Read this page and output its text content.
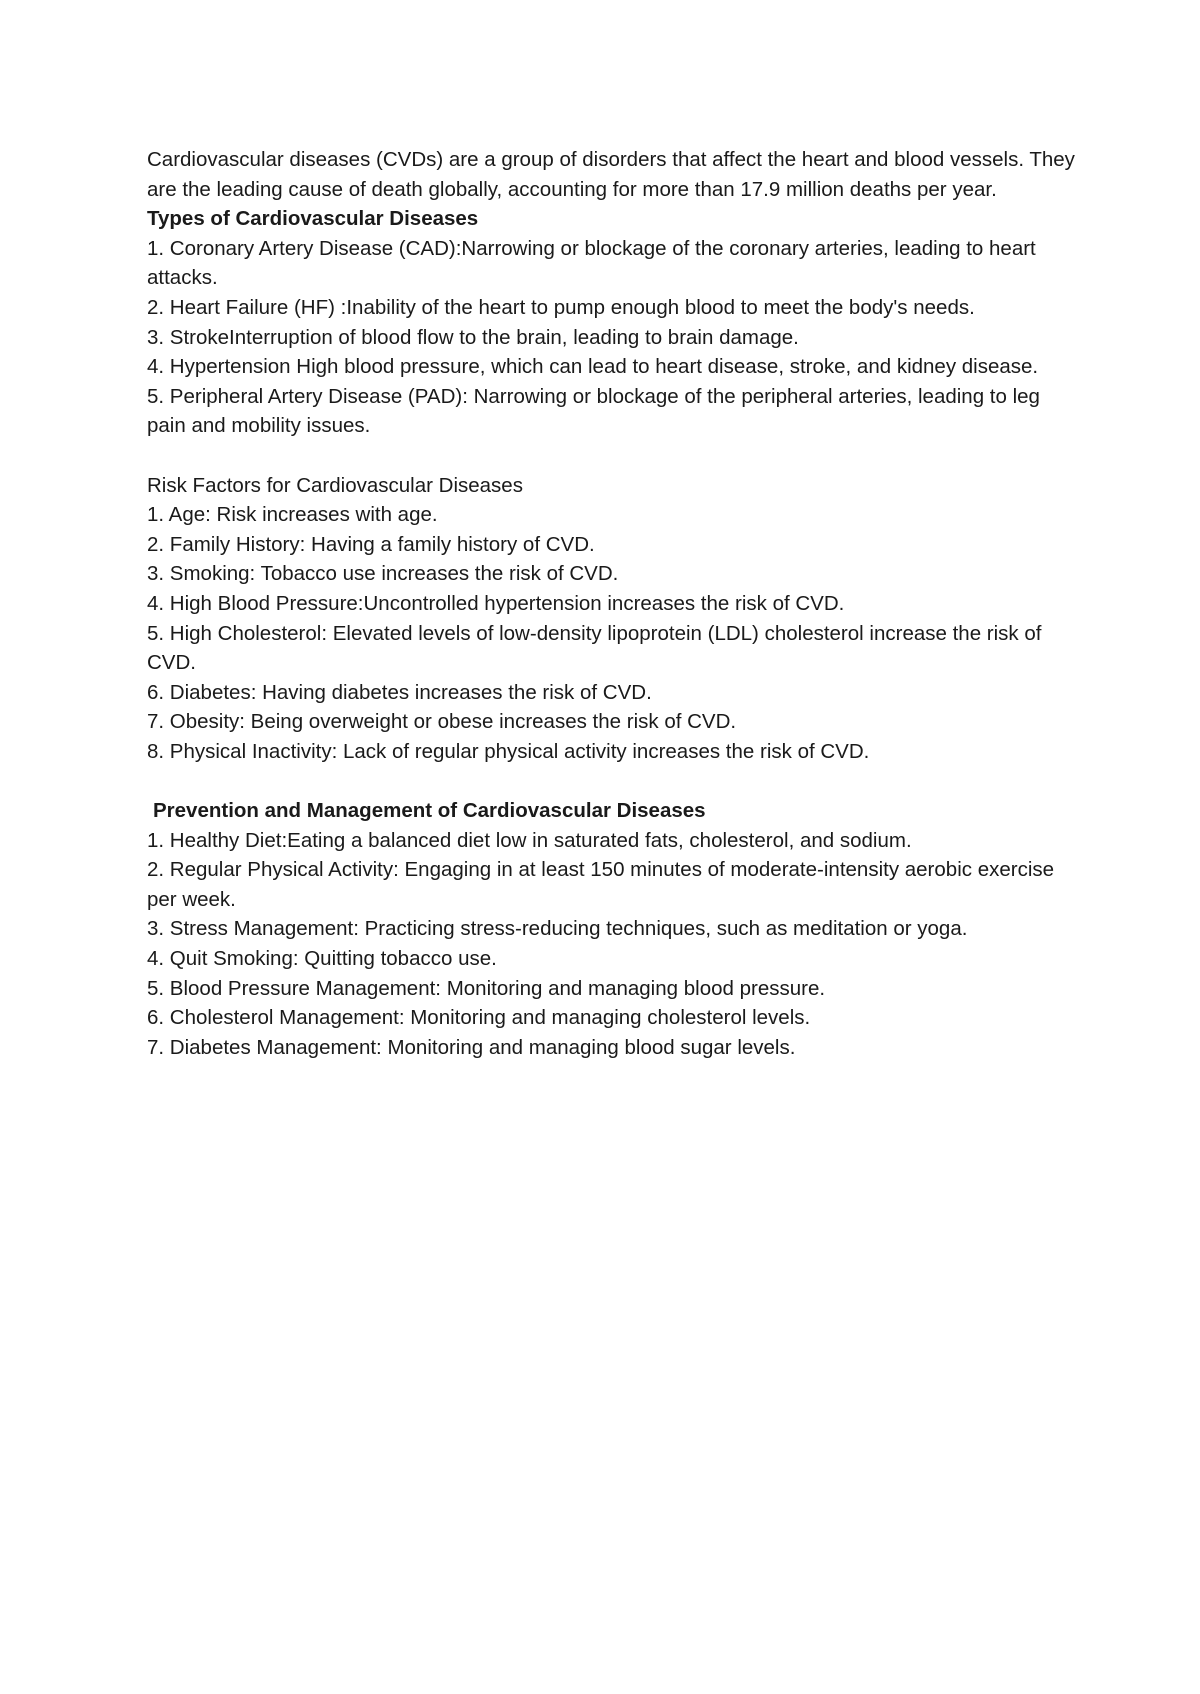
Cardiovascular diseases (CVDs) are a group of disorders that affect the heart and blood vessels. They are the leading cause of death globally, accounting for more than 17.9 million deaths per year.

Types of Cardiovascular Diseases

1. Coronary Artery Disease (CAD):Narrowing or blockage of the coronary arteries, leading to heart attacks.

2. Heart Failure (HF) :Inability of the heart to pump enough blood to meet the body's needs.

3. StrokeInterruption of blood flow to the brain, leading to brain damage.

4. Hypertension High blood pressure, which can lead to heart disease, stroke, and kidney disease.

5. Peripheral Artery Disease (PAD): Narrowing or blockage of the peripheral arteries, leading to leg pain and mobility issues.

Risk Factors for Cardiovascular Diseases

1. Age: Risk increases with age.

2. Family History: Having a family history of CVD.

3. Smoking: Tobacco use increases the risk of CVD.

4. High Blood Pressure:Uncontrolled hypertension increases the risk of CVD.

5. High Cholesterol: Elevated levels of low-density lipoprotein (LDL) cholesterol increase the risk of CVD.

6. Diabetes: Having diabetes increases the risk of CVD.

7. Obesity: Being overweight or obese increases the risk of CVD.

8. Physical Inactivity: Lack of regular physical activity increases the risk of CVD.

Prevention and Management of Cardiovascular Diseases

1. Healthy Diet:Eating a balanced diet low in saturated fats, cholesterol, and sodium.

2. Regular Physical Activity: Engaging in at least 150 minutes of moderate-intensity aerobic exercise per week.

3. Stress Management: Practicing stress-reducing techniques, such as meditation or yoga.

4. Quit Smoking: Quitting tobacco use.

5. Blood Pressure Management: Monitoring and managing blood pressure.

6. Cholesterol Management: Monitoring and managing cholesterol levels.

7. Diabetes Management: Monitoring and managing blood sugar levels.
